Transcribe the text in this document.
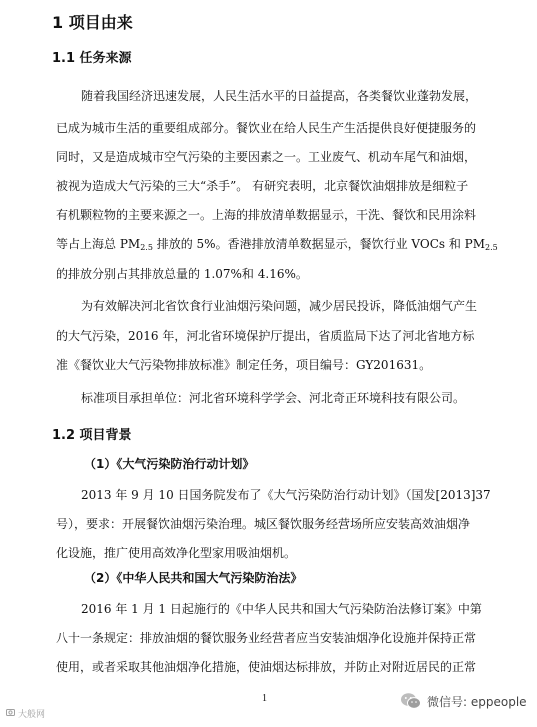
1 项目由来
1.1 任务来源
随着我国经济迅速发展，人民生活水平的日益提高，各类餐饮业蓬勃发展，
已成为城市生活的重要组成部分。餐饮业在给人民生产生活提供良好便捷服务的
同时，又是造成城市空气污染的主要因素之一。工业废气、机动车尾气和油烟，
被视为造成大气污染的三大“杀手”。 有研究表明，北京餐饮油烟排放是细粒子
有机颗粒物的主要来源之一。上海的排放清单数据显示，干洗、餐饮和民用涂料
等占上海总 $PM_{2.5}$ 排放的 5%。香港排放清单数据显示，餐饮行业 VOCs 和 $PM_{2.5}$
的排放分别占其排放总量的 1.07%和 4.16%。
为有效解决河北省饮食行业油烟污染问题，减少居民投诉，降低油烟气产生
的大气污染，2016 年，河北省环境保护厅提出，省质监局下达了河北省地方标
准《餐饮业大气污染物排放标准》制定任务，项目编号：GY201631。
标准项目承担单位：河北省环境科学学会、河北奇正环境科技有限公司。
1.2 项目背景
（1）《大气污染防治行动计划》
2013 年 9 月 10 日国务院发布了《大气污染防治行动计划》（国发[2013]37
号），要求：开展餐饮油烟污染治理。城区餐饮服务经营场所应安装高效油烟净
化设施，推广使用高效净化型家用吸油烟机。
（2）《中华人民共和国大气污染防治法》
2016 年 1 月 1 日起施行的《中华人民共和国大气污染防治法修订案》中第
八十一条规定：排放油烟的餐饮服务业经营者应当安装油烟净化设施并保持正常
使用，或者采取其他油烟净化措施，使油烟达标排放，并防止对附近居民的正常
1
大般网
微信号: eppeople
